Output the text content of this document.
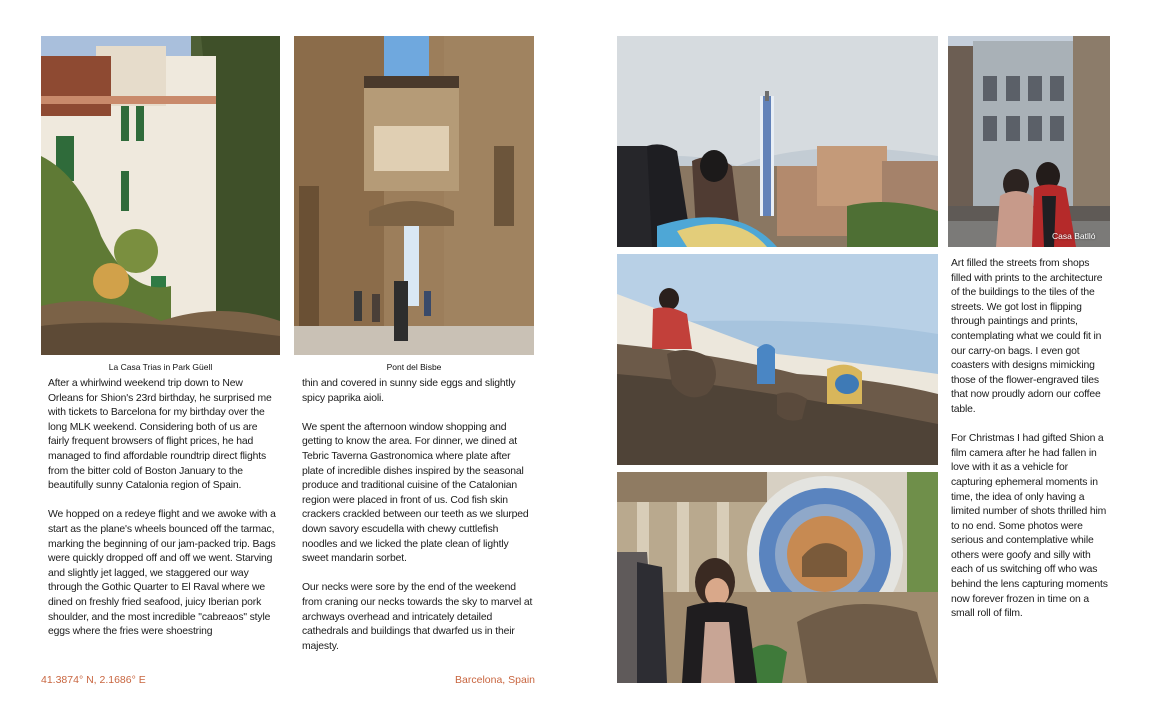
La Casa Trias in Park Güell	Pont del Bisbe

After a whirlwind weekend trip down to New Orleans for Shion's 23rd birthday, he surprised me with tickets to Barcelona for my birthday over the long MLK weekend. Considering both of us are fairly frequent browsers of flight prices, he had managed to find affordable roundtrip direct flights from the bitter cold of Boston January to the beautifully sunny Catalonia region of Spain.

We hopped on a redeye flight and we awoke with a start as the plane's wheels bounced off the tarmac, marking the beginning of our jam-packed trip. Bags were quickly dropped off and off we went. Starving and slightly jet lagged, we staggered our way through the Gothic Quarter to El Raval where we dined on freshly fried seafood, juicy Iberian pork shoulder, and the most incredible "cabreaos" style eggs where the fries were shoestring

thin and covered in sunny side eggs and slightly spicy paprika aioli.

We spent the afternoon window shopping and getting to know the area. For dinner, we dined at Tebric Taverna Gastronomica where plate after plate of incredible dishes inspired by the seasonal produce and traditional cuisine of the Catalonian region were placed in front of us. Cod fish skin crackers crackled between our teeth as we slurped down savory escudella with chewy cuttlefish noodles and we licked the plate clean of lightly sweet mandarin sorbet.

Our necks were sore by the end of the weekend from craning our necks towards the sky to marvel at archways overhead and intricately detailed cathedrals and buildings that dwarfed us in their majesty.

41.3874° N, 2.1686° E	Barcelona, Spain
Casa Batlló

Art filled the streets from shops filled with prints to the architecture of the buildings to the tiles of the streets. We got lost in flipping through paintings and prints, contemplating what we could fit in our carry-on bags. I even got coasters with designs mimicking those of the flower-engraved tiles that now proudly adorn our coffee table.

For Christmas I had gifted Shion a film camera after he had fallen in love with it as a vehicle for capturing ephemeral moments in time, the idea of only having a limited number of shots thrilled him to no end. Some photos were serious and contemplative while others were goofy and silly with each of us switching off who was behind the lens capturing moments now forever frozen in time on a small roll of film.
